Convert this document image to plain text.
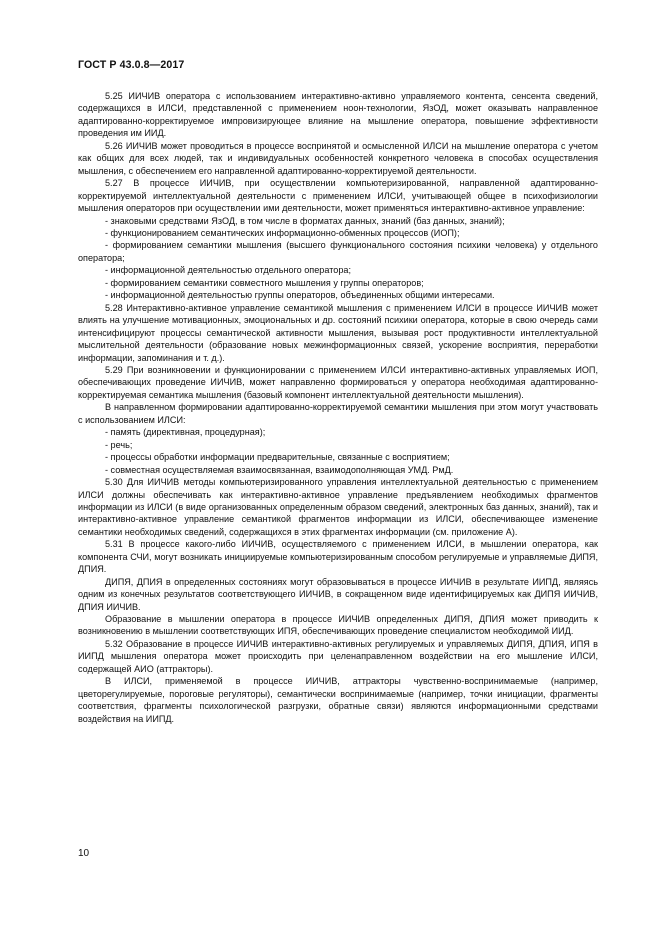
ГОСТ Р 43.0.8—2017

5.25 ИИЧИВ оператора с использованием интерактивно-активно управляемого контента, сенсента сведений, содержащихся в ИЛСИ, представленной с применением ноон-технологии, ЯзОД, может оказывать направленное адаптированно-корректируемое импровизирующее влияние на мышление оператора, повышение эффективности проведения им ИИД.

5.26 ИИЧИВ может проводиться в процессе воспринятой и осмысленной ИЛСИ на мышление оператора с учетом как общих для всех людей, так и индивидуальных особенностей конкретного человека в способах осуществления мышления, с обеспечением его направленной адаптированно-корректируемой деятельности.

5.27 В процессе ИИЧИВ, при осуществлении компьютеризированной, направленной адаптированно-корректируемой интеллектуальной деятельности с применением ИЛСИ, учитывающей общее в психофизиологии мышления операторов при осуществлении ими деятельности, может применяться интерактивно-активное управление:

- знаковыми средствами ЯзОД, в том числе в форматах данных, знаний (баз данных, знаний);

- функционированием семантических информационно-обменных процессов (ИОП);

- формированием семантики мышления (высшего функционального состояния психики человека) у отдельного оператора;

- информационной деятельностью отдельного оператора;

- формированием семантики совместного мышления у группы операторов;

- информационной деятельностью группы операторов, объединенных общими интересами.

5.28 Интерактивно-активное управление семантикой мышления с применением ИЛСИ в процессе ИИЧИВ может влиять на улучшение мотивационных, эмоциональных и др. состояний психики оператора, которые в свою очередь сами интенсифицируют процессы семантической активности мышления, вызывая рост продуктивности интеллектуальной мыслительной деятельности (образование новых межинформационных связей, ускорение восприятия, переработки информации, запоминания и т. д.).

5.29 При возникновении и функционировании с применением ИЛСИ интерактивно-активных управляемых ИОП, обеспечивающих проведение ИИЧИВ, может направленно формироваться у оператора необходимая адаптированно-корректируемая семантика мышления (базовый компонент интеллектуальной деятельности мышления).

В направленном формировании адаптированно-корректируемой семантики мышления при этом могут участвовать с использованием ИЛСИ:

- память (директивная, процедурная);

- речь;

- процессы обработки информации предварительные, связанные с восприятием;

- совместная осуществляемая взаимосвязанная, взаимодополняющая УМД. РмД.

5.30 Для ИИЧИВ методы компьютеризированного управления интеллектуальной деятельностью с применением ИЛСИ должны обеспечивать как интерактивно-активное управление предъявлением необходимых фрагментов информации из ИЛСИ (в виде организованных определенным образом сведений, электронных баз данных, знаний), так и интерактивно-активное управление семантикой фрагментов информации из ИЛСИ, обеспечивающее изменение семантики необходимых сведений, содержащихся в этих фрагментах информации (см. приложение А).

5.31 В процессе какого-либо ИИЧИВ, осуществляемого с применением ИЛСИ, в мышлении оператора, как компонента СЧИ, могут возникать инициируемые компьютеризированным способом регулируемые и управляемые ДИПЯ, ДПИЯ.

ДИПЯ, ДПИЯ в определенных состояниях могут образовываться в процессе ИИЧИВ в результате ИИПД, являясь одним из конечных результатов соответствующего ИИЧИВ, в сокращенном виде идентифицируемых как ДИПЯ ИИЧИВ, ДПИЯ ИИЧИВ.

Образование в мышлении оператора в процессе ИИЧИВ определенных ДИПЯ, ДПИЯ может приводить к возникновению в мышлении соответствующих ИПЯ, обеспечивающих проведение специалистом необходимой ИИД.

5.32 Образование в процессе ИИЧИВ интерактивно-активных регулируемых и управляемых ДИПЯ, ДПИЯ, ИПЯ в ИИПД мышления оператора может происходить при целенаправленном воздействии на его мышление ИЛСИ, содержащей АИО (аттракторы).

В ИЛСИ, применяемой в процессе ИИЧИВ, аттракторы чувственно-воспринимаемые (например, цветорегулируемые, пороговые регуляторы), семантически воспринимаемые (например, точки инициации, фрагменты соответствия, фрагменты психологической разгрузки, обратные связи) являются информационными средствами воздействия на ИИПД.

10
